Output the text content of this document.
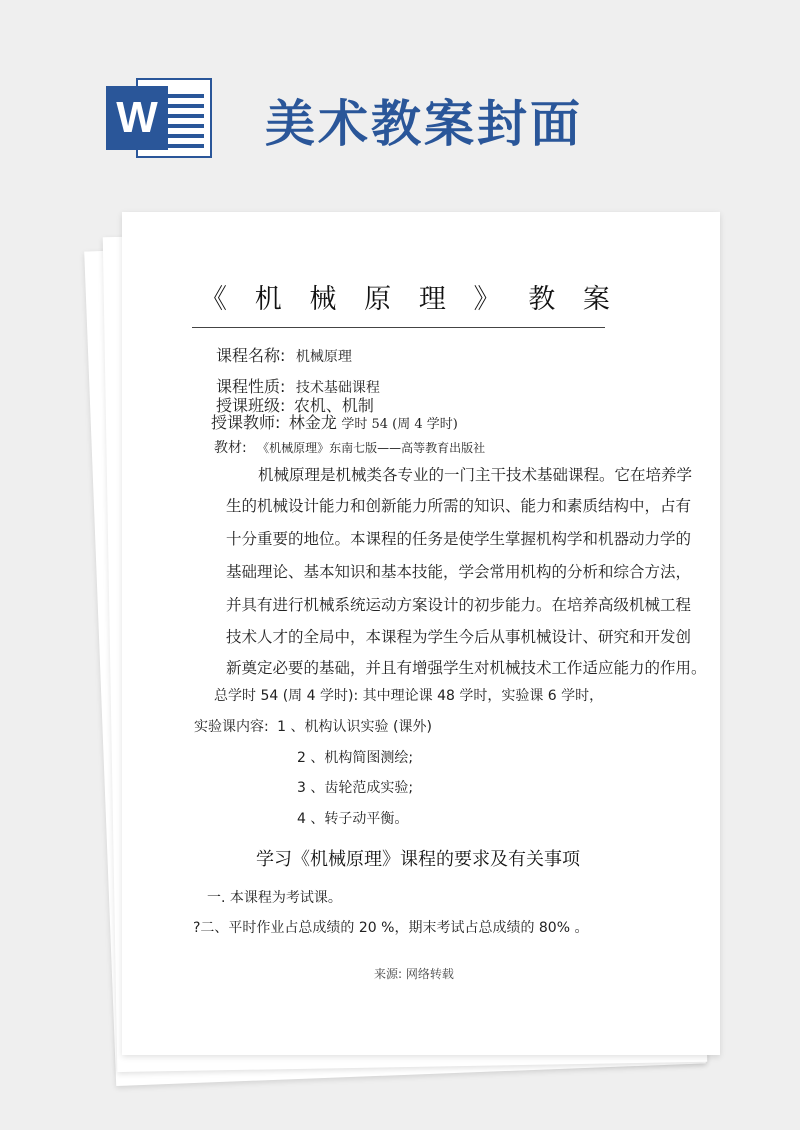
W 美术教案封面
《 机 械 原 理 》 教 案
课程名称: 机械原理
课程性质: 技术基础课程
授课班级: 农机、机制
授课教师: 林金龙 学时 54 (周 4 学时)
教材: 《机械原理》东南七版——高等教育出版社
机械原理是机械类各专业的一门主干技术基础课程。它在培养学
生的机械设计能力和创新能力所需的知识、能力和素质结构中，占有
十分重要的地位。本课程的任务是使学生掌握机构学和机器动力学的
基础理论、基本知识和基本技能，学会常用机构的分析和综合方法，
并具有进行机械系统运动方案设计的初步能力。在培养高级机械工程
技术人才的全局中，本课程为学生今后从事机械设计、研究和开发创
新奠定必要的基础，并且有增强学生对机械技术工作适应能力的作用。
总学时 54 (周 4 学时): 其中理论课 48 学时，实验课 6 学时，
实验课内容: 1 、机构认识实验 (课外)
2 、机构简图测绘;
3 、齿轮范成实验;
4 、转子动平衡。
学习《机械原理》课程的要求及有关事项
一. 本课程为考试课。
?二、平时作业占总成绩的 20 %，期末考试占总成绩的 80% 。
来源: 网络转载
